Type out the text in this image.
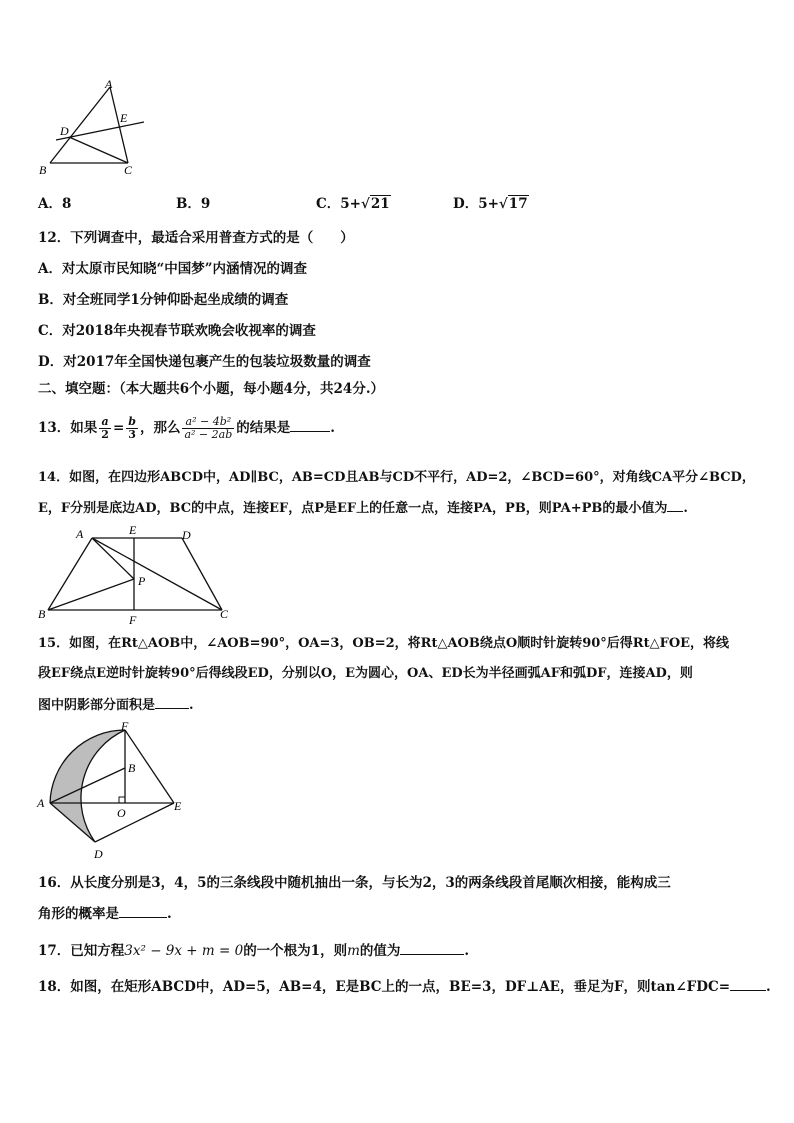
A
D
E
B	C
A．8	B．9	C．5+√21	D．5+√17
12．下列调查中，最适合采用普查方式的是（　　）
A．对太原市民知晓“中国梦”内涵情况的调查
B．对全班同学1分钟仰卧起坐成绩的调查
C．对2018年央视春节联欢晚会收视率的调查
D．对2017年全国快递包裹产生的包装垃圾数量的调查
二、填空题：（本大题共6个小题，每小题4分，共24分.）
13．如果 $\frac{a}{2} = \frac{b}{3}$ ，那么 $\frac{\text{a² − 4b²}}{\text{a² − 2ab}}$ 的结果是	.
14．如图，在四边形ABCD中，AD∥BC，AB=CD且AB与CD不平行，AD=2，∠BCD=60°，对角线CA平分∠BCD，
E，F分别是底边AD，BC的中点，连接EF，点P是EF上的任意一点，连接PA，PB，则PA+PB的最小值为 .
A	E	D
P
B	F	C
15．如图，在Rt△AOB中，∠AOB=90°，OA=3，OB=2，将Rt△AOB绕点O顺时针旋转90°后得Rt△FOE，将线
段EF绕点E逆时针旋转90°后得线段ED，分别以O，E为圆心，OA、ED长为半径画弧AF和弧DF，连接AD，则
图中阴影部分面积是	.
F
B
A
O	E
D
16．从长度分别是3，4，5的三条线段中随机抽出一条，与长为2，3的两条线段首尾顺次相接，能构成三
角形的概率是	.
17．已知方程3x² − 9x + m = 0的一个根为1，则m的值为	.
18．如图，在矩形ABCD中，AD=5，AB=4，E是BC上的一点，BE=3，DF⊥AE，垂足为F，则tan∠FDC=	.
